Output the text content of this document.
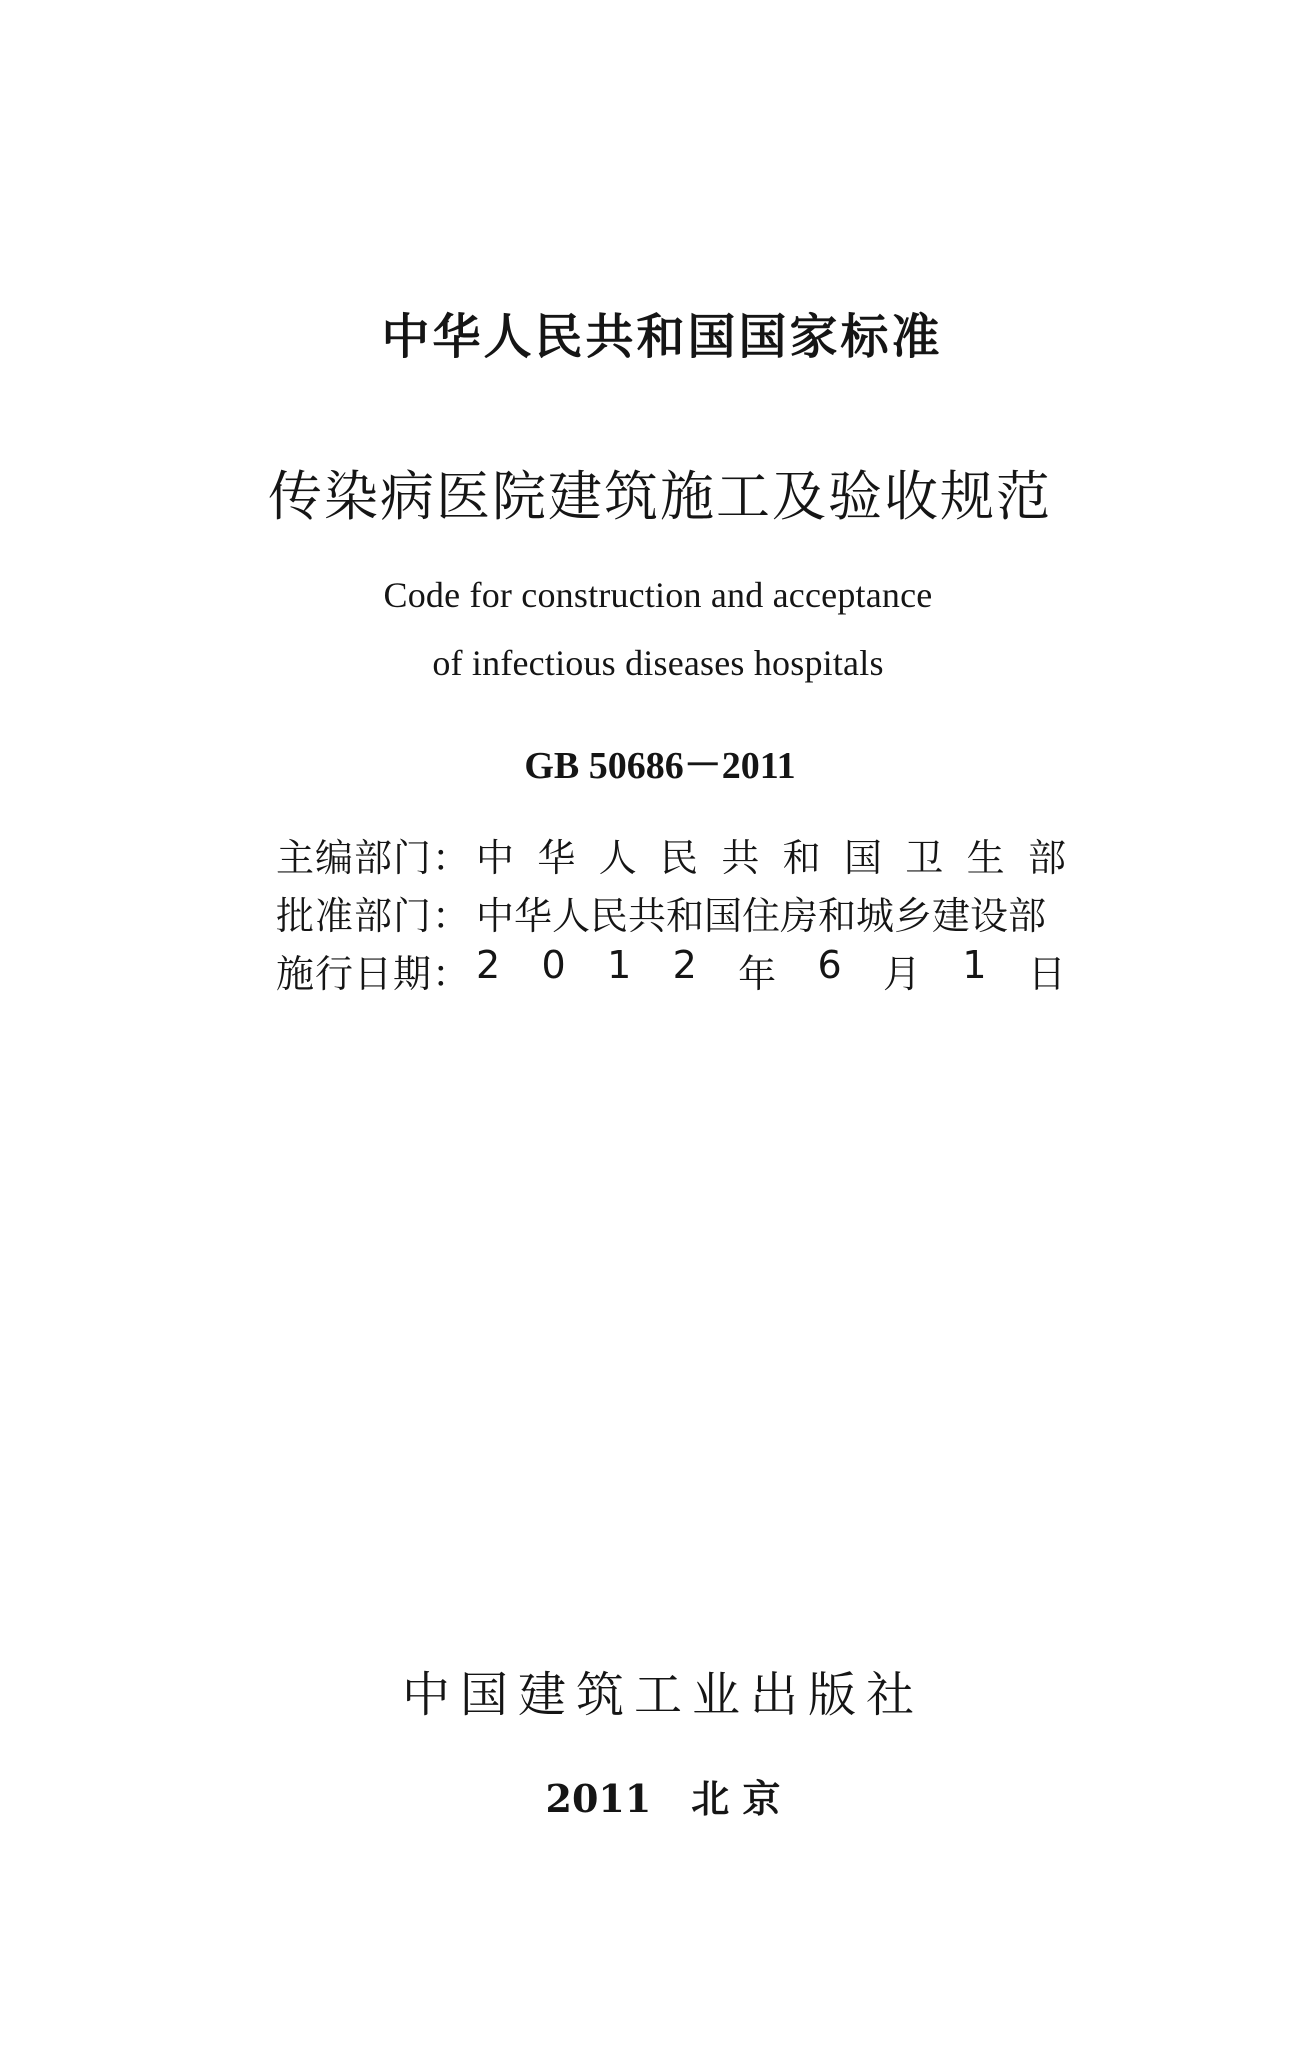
中华人民共和国国家标准
传染病医院建筑施工及验收规范
Code for construction and acceptance
of infectious diseases hospitals
GB 50686－2011
主编部门： 中 华 人 民 共 和 国 卫 生 部
批准部门： 中华人民共和国住房和城乡建设部
施行日期： 2 0 1 2 年 6 月 1 日
中国建筑工业出版社
2011 北 京
